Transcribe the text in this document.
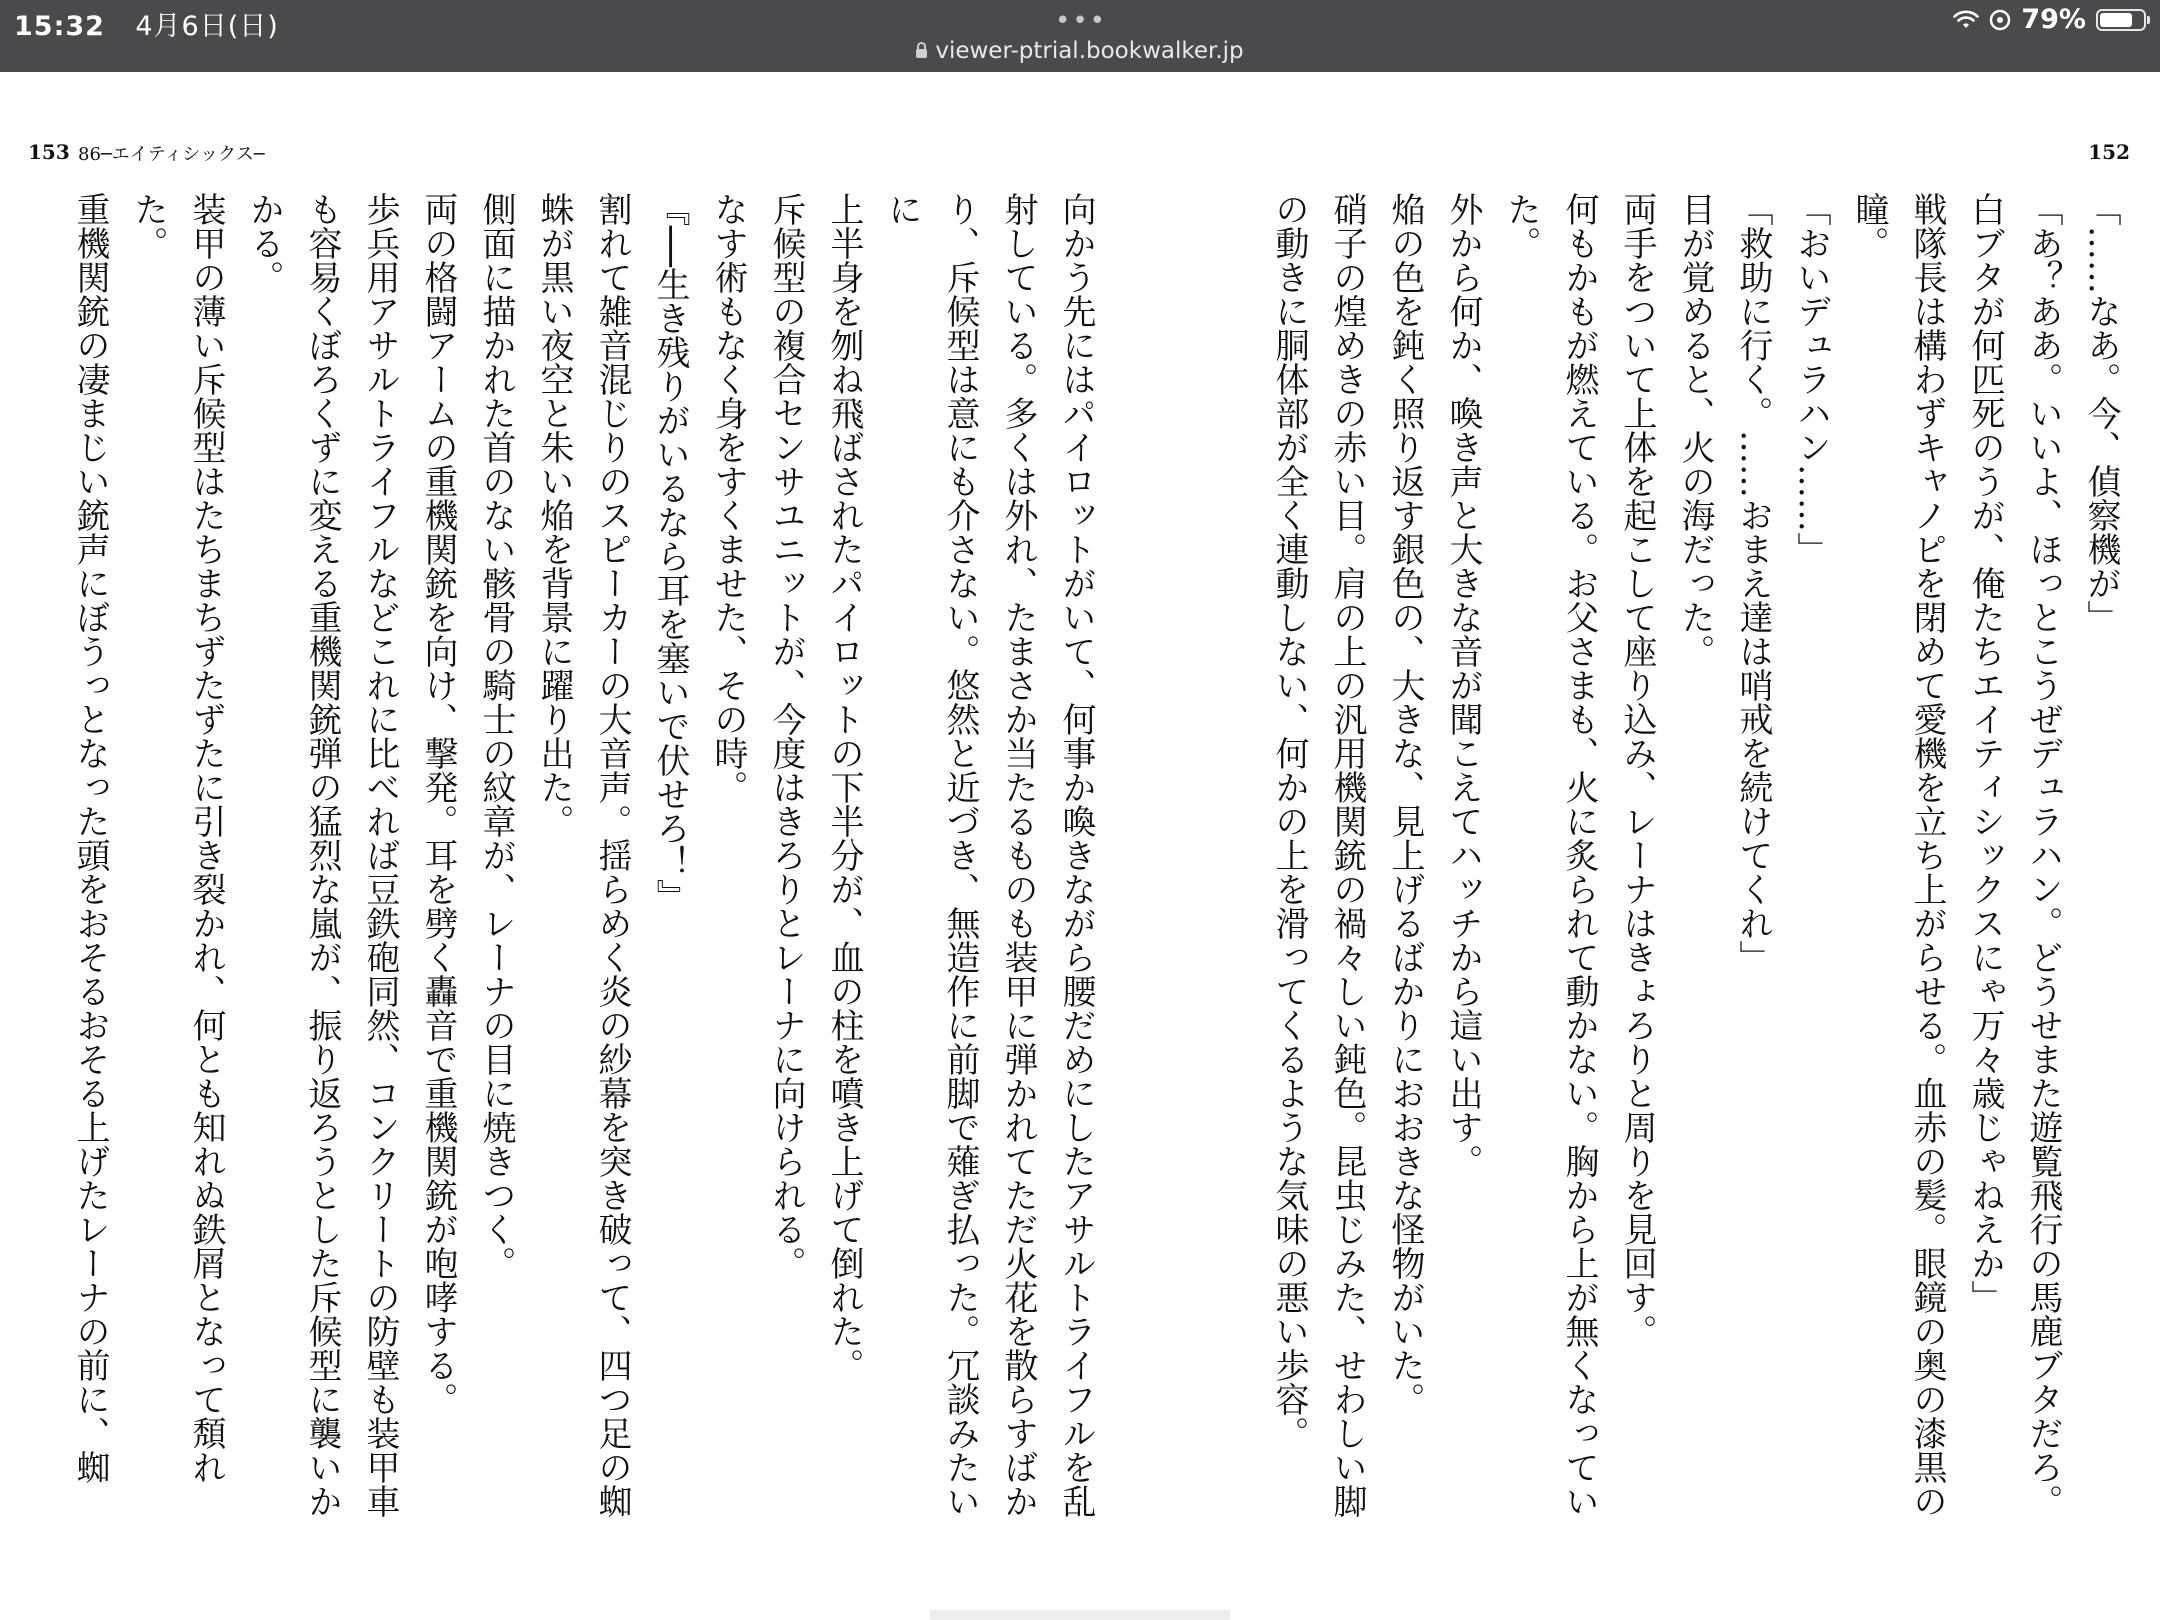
15:32 4月6日(日)	•••
viewer-ptrial.bookwalker.jp
79%
153 86─エイティシックス─	152

向かう先にはパイロットがいて、何事か喚きながら腰だめにしたアサルトライフルを乱

射している。多くは外れ、たまさか当たるものも装甲に弾かれてただ火花を散らすばか

り、斥候型は意にも介さない。悠然と近づき、無造作に前脚で薙ぎ払った。冗談みたいに

上半身を刎ね飛ばされたパイロットの下半分が、血の柱を噴き上げて倒れた。

斥候型の複合センサユニットが、今度はきろりとレーナに向けられる。

なす術もなく身をすくませた、その時。

『──生き残りがいるなら耳を塞いで伏せろ！』

割れて雑音混じりのスピーカーの大音声。揺らめく炎の紗幕を突き破って、四つ足の蜘

蛛が黒い夜空と朱い焔を背景に躍り出た。

側面に描かれた首のない骸骨の騎士の紋章が、レーナの目に焼きつく。

両の格闘アームの重機関銃を向け、撃発。耳を劈く轟音で重機関銃が咆哮する。

歩兵用アサルトライフルなどこれに比べれば豆鉄砲同然、コンクリートの防壁も装甲車

も容易くぼろくずに変える重機関銃弾の猛烈な嵐が、振り返ろうとした斥候型に襲いか

かる。

装甲の薄い斥候型はたちまちずたずたに引き裂かれ、何とも知れぬ鉄屑となって頽れ

た。

重機関銃の凄まじい銃声にぼうっとなった頭をおそるおそる上げたレーナの前に、蜘	「……なあ。今、偵察機が」

「あ？ああ。いいよ、ほっとこうぜデュラハン。どうせまた遊覧飛行の馬鹿ブタだろ。

白ブタが何匹死のうが、俺たちエイティシックスにゃ万々歳じゃねえか」

戦隊長は構わずキャノピを閉めて愛機を立ち上がらせる。血赤の髪。眼鏡の奥の漆黒の

瞳。

「おいデュラハン……」

「救助に行く。……おまえ達は哨戒を続けてくれ」

目が覚めると、火の海だった。

両手をついて上体を起こして座り込み、レーナはきょろりと周りを見回す。

何もかもが燃えている。お父さまも、火に炙られて動かない。胸から上が無くなってい

た。

外から何か、喚き声と大きな音が聞こえてハッチから這い出す。

焔の色を鈍く照り返す銀色の、大きな、見上げるばかりにおおきな怪物がいた。

硝子の煌めきの赤い目。肩の上の汎用機関銃の禍々しい鈍色。昆虫じみた、せわしい脚

の動きに胴体部が全く連動しない、何かの上を滑ってくるような気味の悪い歩容。
